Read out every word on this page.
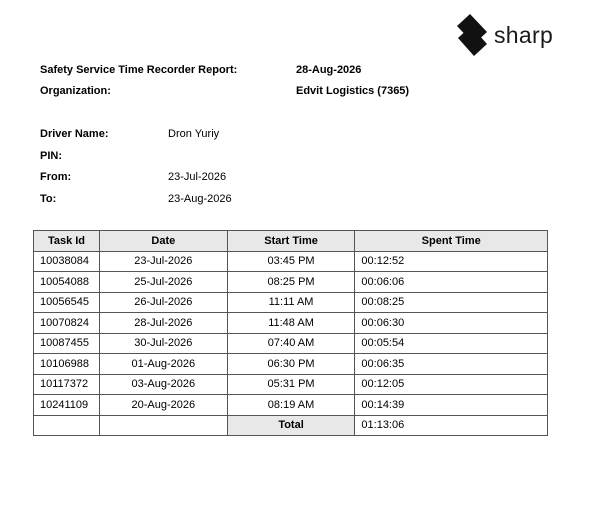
sharp
Safety Service Time Recorder Report:	28-Aug-2026
Organization:	Edvit Logistics (7365)
Driver Name:	Dron Yuriy
PIN:
From:	23-Jul-2026
To:	23-Aug-2026
Task Id	Date	Start Time	Spent Time
10038084	23-Jul-2026	03:45 PM	00:12:52
10054088	25-Jul-2026	08:25 PM	00:06:06
10056545	26-Jul-2026	11:11 AM	00:08:25
10070824	28-Jul-2026	11:48 AM	00:06:30
10087455	30-Jul-2026	07:40 AM	00:05:54
10106988	01-Aug-2026	06:30 PM	00:06:35
10117372	03-Aug-2026	05:31 PM	00:12:05
10241109	20-Aug-2026	08:19 AM	00:14:39
		Total	01:13:06
